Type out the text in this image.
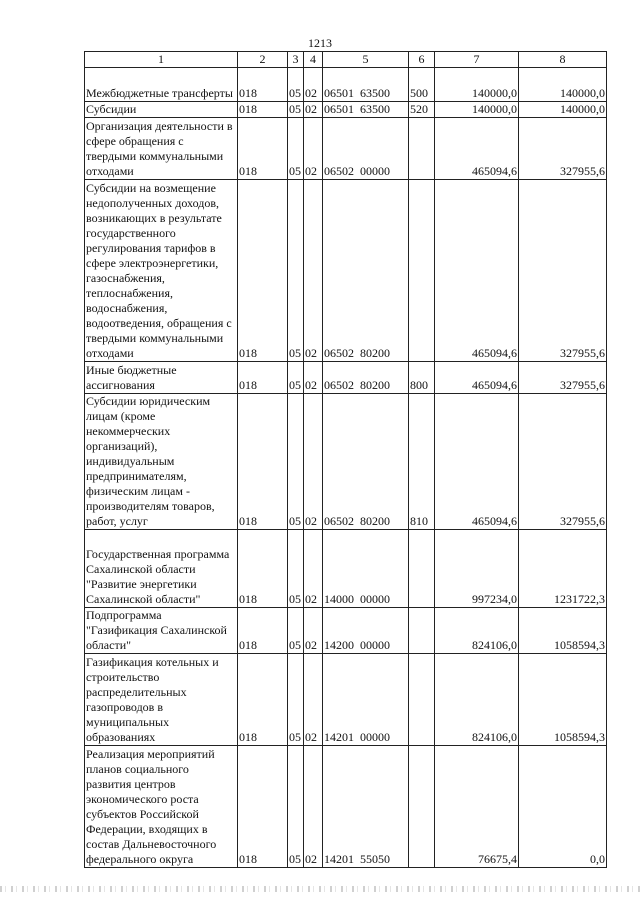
1213
1	2	3	4	5	6	7	8
Межбюджетные трансферты	018	05	02	06501  63500	500	140000,0	140000,0
Субсидии	018	05	02	06501  63500	520	140000,0	140000,0
Организация деятельности в сфере обращения с твердыми коммунальными отходами	018	05	02	06502  00000		465094,6	327955,6
Субсидии на возмещение недополученных доходов, возникающих в результате государственного регулирования тарифов в сфере электроэнергетики, газоснабжения, теплоснабжения, водоснабжения, водоотведения, обращения с твердыми коммунальными отходами	018	05	02	06502  80200		465094,6	327955,6
Иные бюджетные ассигнования	018	05	02	06502  80200	800	465094,6	327955,6
Субсидии юридическим лицам (кроме некоммерческих организаций), индивидуальным предпринимателям, физическим лицам - производителям товаров, работ, услуг	018	05	02	06502  80200	810	465094,6	327955,6
Государственная программа Сахалинской области "Развитие энергетики Сахалинской области"	018	05	02	14000  00000		997234,0	1231722,3
Подпрограмма "Газификация Сахалинской области"	018	05	02	14200  00000		824106,0	1058594,3
Газификация котельных и строительство распределительных газопроводов в муниципальных образованиях	018	05	02	14201  00000		824106,0	1058594,3
Реализация мероприятий планов социального развития центров экономического роста субъектов Российской Федерации, входящих в состав Дальневосточного федерального округа	018	05	02	14201  55050		76675,4	0,0
